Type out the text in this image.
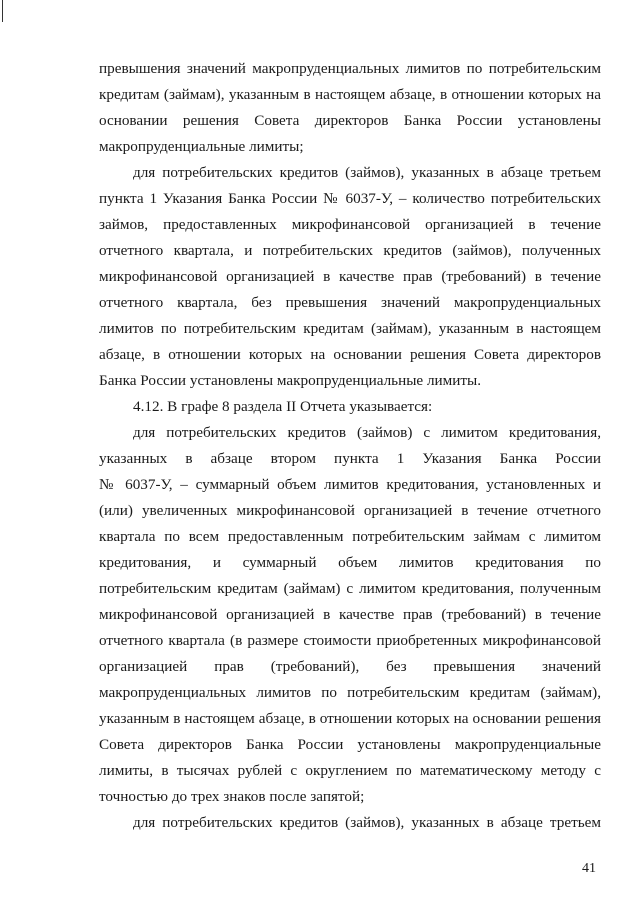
превышения значений макропруденциальных лимитов по потребительским
кредитам (займам), указанным в настоящем абзаце, в отношении которых на
основании решения Совета директоров Банка России установлены
макропруденциальные лимиты;
для потребительских кредитов (займов), указанных в абзаце третьем
пункта 1 Указания Банка России № 6037-У, – количество потребительских
займов, предоставленных микрофинансовой организацией в течение
отчетного квартала, и потребительских кредитов (займов), полученных
микрофинансовой организацией в качестве прав (требований) в течение
отчетного квартала, без превышения значений макропруденциальных
лимитов по потребительским кредитам (займам), указанным в настоящем
абзаце, в отношении которых на основании решения Совета директоров
Банка России установлены макропруденциальные лимиты.
4.12. В графе 8 раздела II Отчета указывается:
для потребительских кредитов (займов) с лимитом кредитования,
указанных в абзаце втором пункта 1 Указания Банка России
№ 6037-У, – суммарный объем лимитов кредитования, установленных и
(или) увеличенных микрофинансовой организацией в течение отчетного
квартала по всем предоставленным потребительским займам с лимитом
кредитования, и суммарный объем лимитов кредитования по
потребительским кредитам (займам) с лимитом кредитования, полученным
микрофинансовой организацией в качестве прав (требований) в течение
отчетного квартала (в размере стоимости приобретенных микрофинансовой
организацией прав (требований), без превышения значений
макропруденциальных лимитов по потребительским кредитам (займам),
указанным в настоящем абзаце, в отношении которых на основании решения
Совета директоров Банка России установлены макропруденциальные
лимиты, в тысячах рублей с округлением по математическому методу с
точностью до трех знаков после запятой;
для потребительских кредитов (займов), указанных в абзаце третьем
41
